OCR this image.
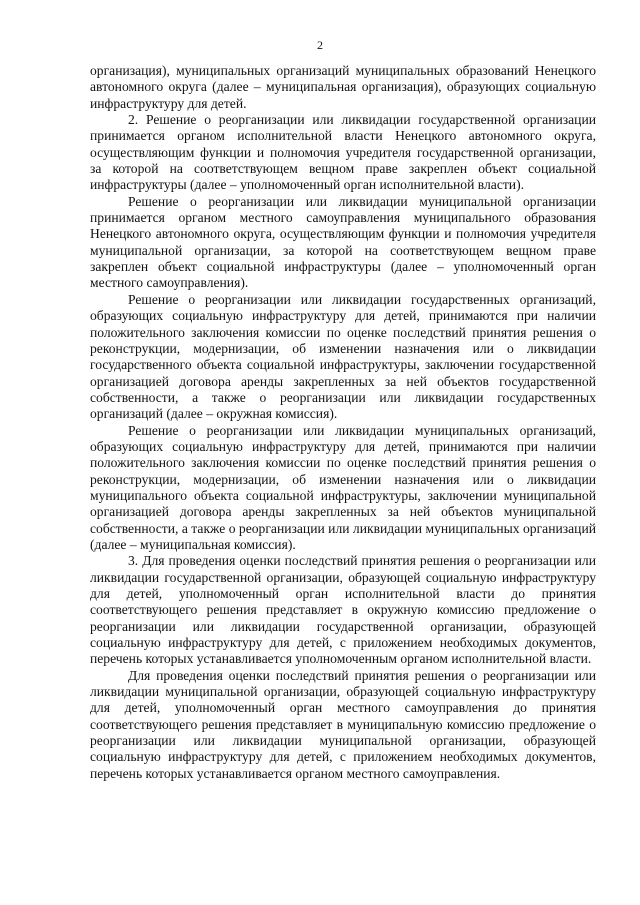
2

организация), муниципальных организаций муниципальных образований Ненецкого автономного округа (далее – муниципальная организация), образующих социальную инфраструктуру для детей.

2. Решение о реорганизации или ликвидации государственной организации принимается органом исполнительной власти Ненецкого автономного округа, осуществляющим функции и полномочия учредителя государственной организации, за которой на соответствующем вещном праве закреплен объект социальной инфраструктуры (далее – уполномоченный орган исполнительной власти).

Решение о реорганизации или ликвидации муниципальной организации принимается органом местного самоуправления муниципального образования Ненецкого автономного округа, осуществляющим функции и полномочия учредителя муниципальной организации, за которой на соответствующем вещном праве закреплен объект социальной инфраструктуры (далее – уполномоченный орган местного самоуправления).

Решение о реорганизации или ликвидации государственных организаций, образующих социальную инфраструктуру для детей, принимаются при наличии положительного заключения комиссии по оценке последствий принятия решения о реконструкции, модернизации, об изменении назначения или о ликвидации государственного объекта социальной инфраструктуры, заключении государственной организацией договора аренды закрепленных за ней объектов государственной собственности, а также о реорганизации или ликвидации государственных организаций (далее – окружная комиссия).

Решение о реорганизации или ликвидации муниципальных организаций, образующих социальную инфраструктуру для детей, принимаются при наличии положительного заключения комиссии по оценке последствий принятия решения о реконструкции, модернизации, об изменении назначения или о ликвидации муниципального объекта социальной инфраструктуры, заключении муниципальной организацией договора аренды закрепленных за ней объектов муниципальной собственности, а также о реорганизации или ликвидации муниципальных организаций (далее – муниципальная комиссия).

3. Для проведения оценки последствий принятия решения о реорганизации или ликвидации государственной организации, образующей социальную инфраструктуру для детей, уполномоченный орган исполнительной власти до принятия соответствующего решения представляет в окружную комиссию предложение о реорганизации или ликвидации государственной организации, образующей социальную инфраструктуру для детей, с приложением необходимых документов, перечень которых устанавливается уполномоченным органом исполнительной власти.

Для проведения оценки последствий принятия решения о реорганизации или ликвидации муниципальной организации, образующей социальную инфраструктуру для детей, уполномоченный орган местного самоуправления до принятия соответствующего решения представляет в муниципальную комиссию предложение о реорганизации или ликвидации муниципальной организации, образующей социальную инфраструктуру для детей, с приложением необходимых документов, перечень которых устанавливается органом местного самоуправления.
